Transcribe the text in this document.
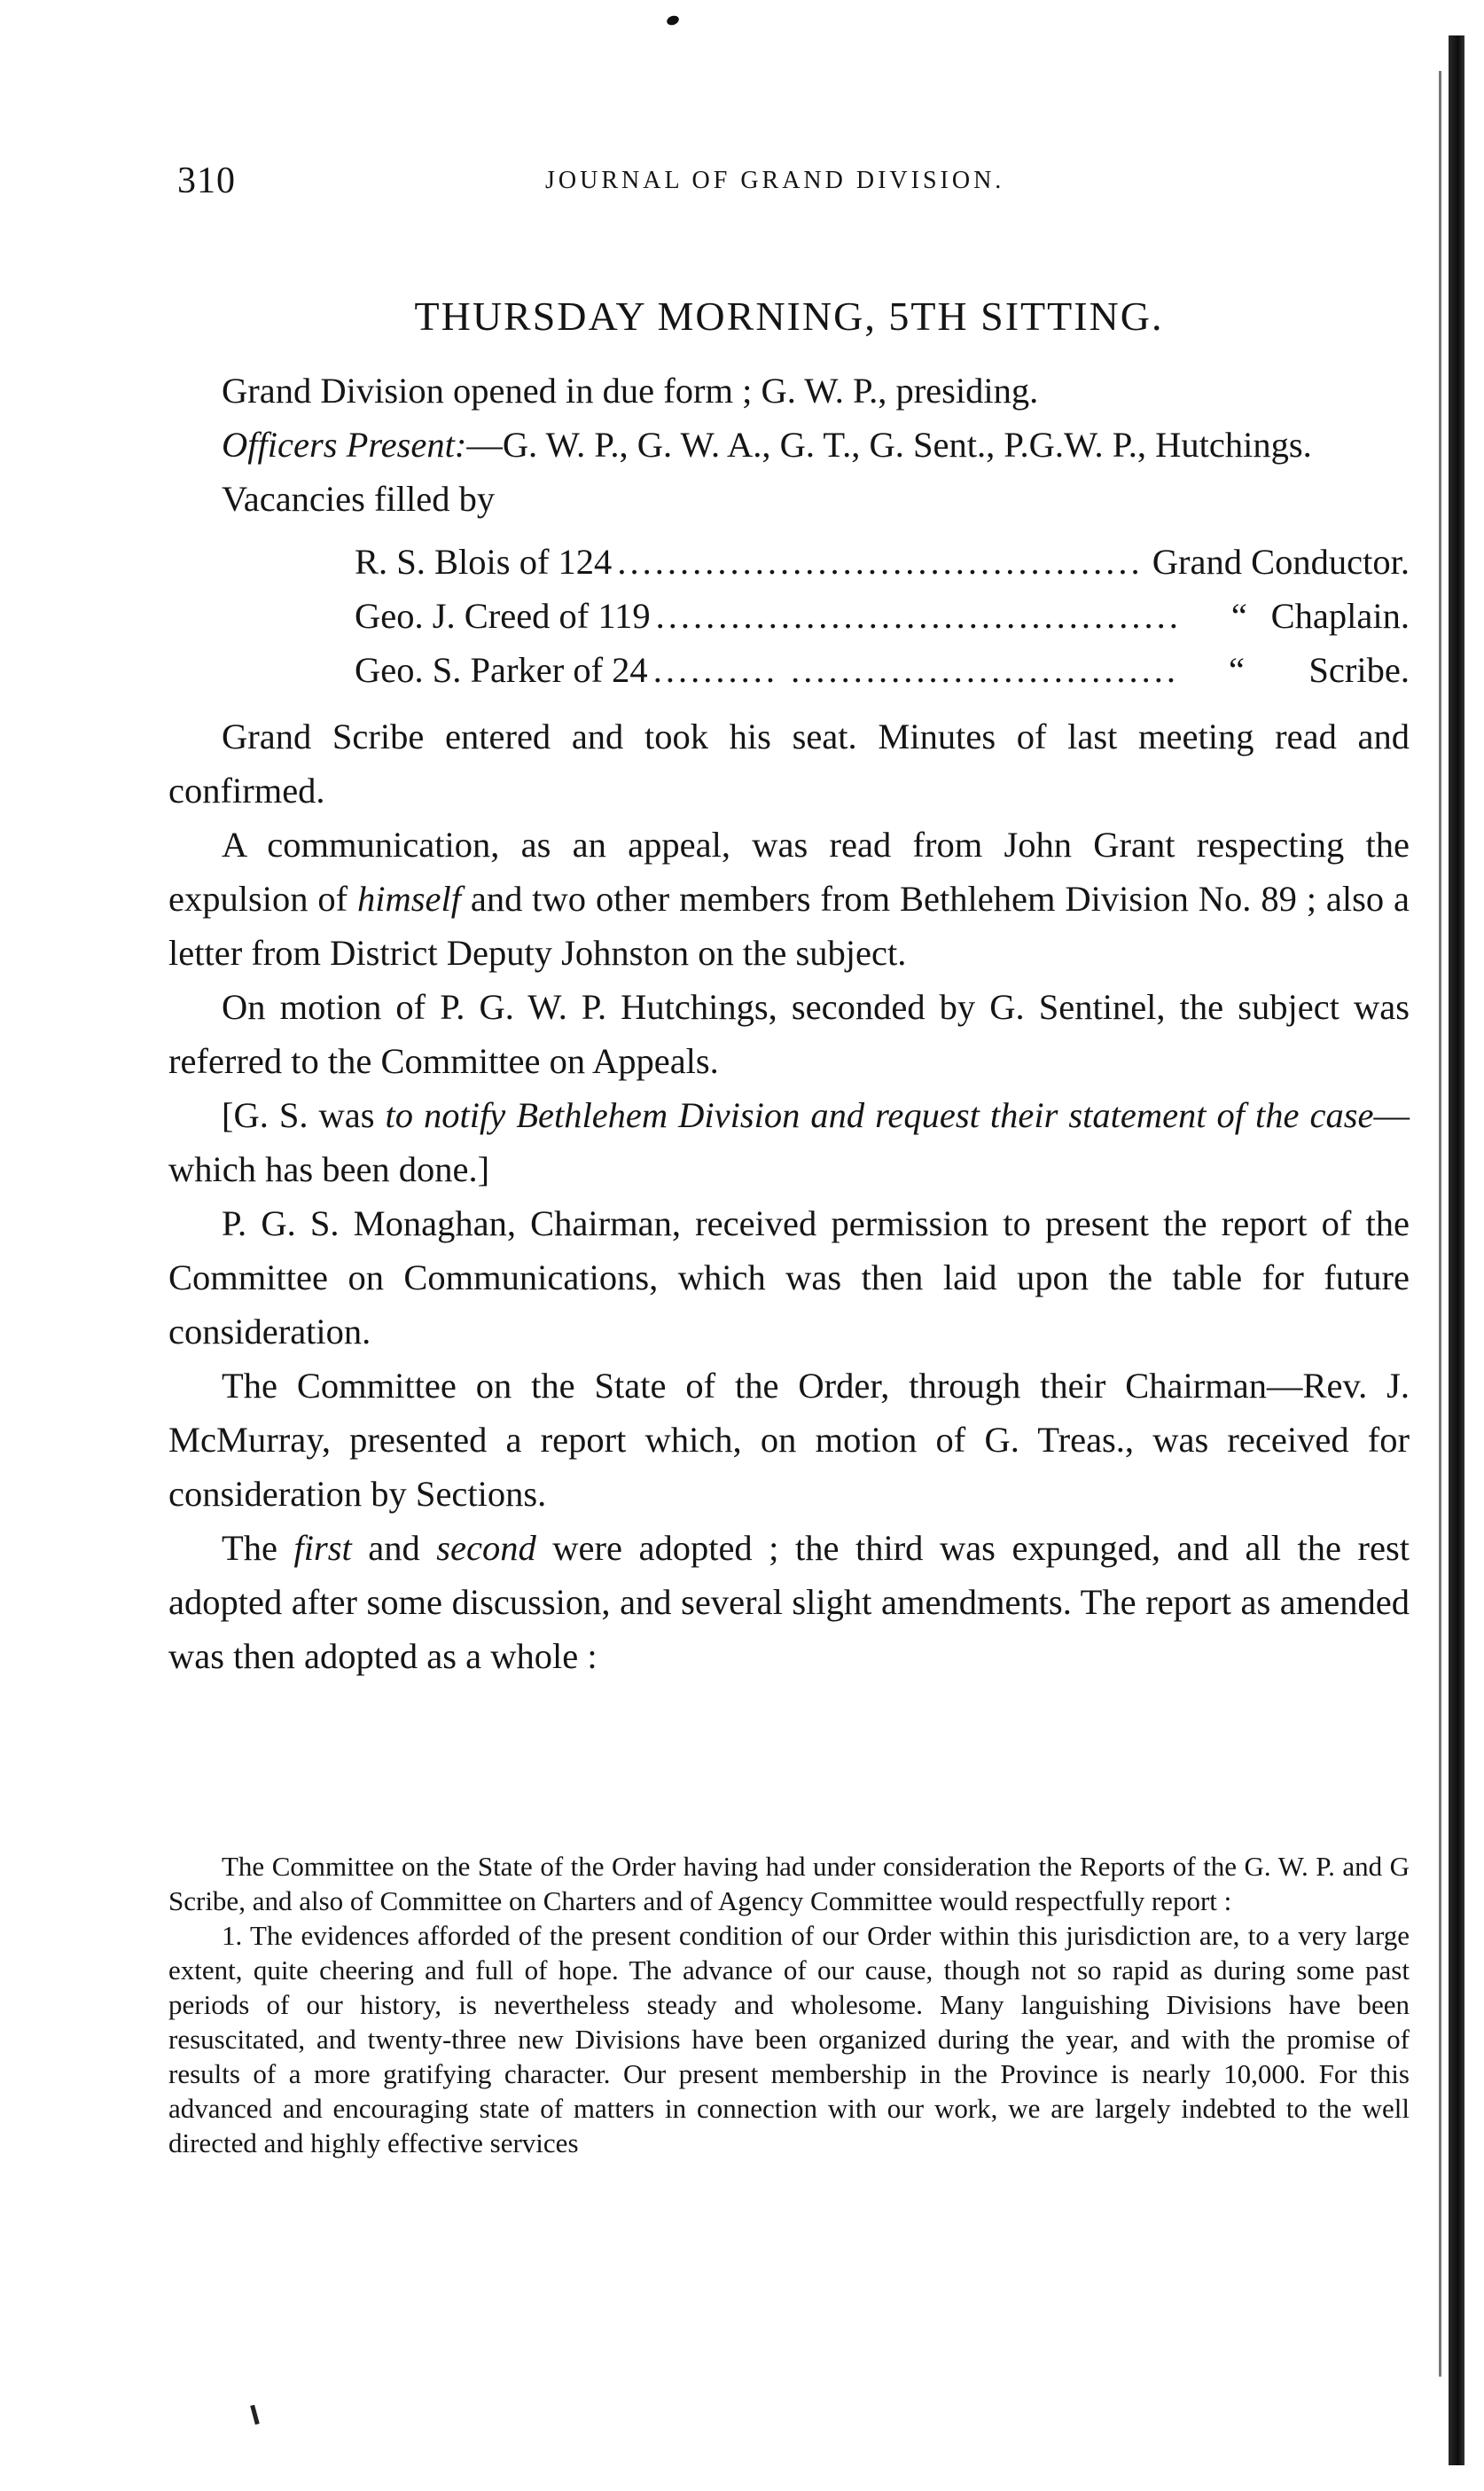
310	JOURNAL OF GRAND DIVISION.
THURSDAY MORNING, 5TH SITTING.

Grand Division opened in due form ; G. W. P., presiding.

Officers Present:—G. W. P., G. W. A., G. T., G. Sent., P.G.W. P., Hutchings.

Vacancies filled by

R. S. Blois of 124 .......................................... Grand Conductor.
Geo. J. Creed of 119 ..........................................	“ Chaplain.
Geo. S. Parker of 24 .......... ...............................	“ Scribe.

Grand Scribe entered and took his seat. Minutes of last meeting read and confirmed.

A communication, as an appeal, was read from John Grant respecting the expulsion of himself and two other members from Bethlehem Division No. 89 ; also a letter from District Deputy Johnston on the subject.

On motion of P. G. W. P. Hutchings, seconded by G. Sentinel, the subject was referred to the Committee on Appeals.

[G. S. was to notify Bethlehem Division and request their statement of the case—which has been done.]

P. G. S. Monaghan, Chairman, received permission to present the report of the Committee on Communications, which was then laid upon the table for future consideration.

The Committee on the State of the Order, through their Chairman—Rev. J. McMurray, presented a report which, on motion of G. Treas., was received for consideration by Sections.

The first and second were adopted ; the third was expunged, and all the rest adopted after some discussion, and several slight amendments. The report as amended was then adopted as a whole :

The Committee on the State of the Order having had under consideration the Reports of the G. W. P. and G Scribe, and also of Committee on Charters and of Agency Committee would respectfully report :

1. The evidences afforded of the present condition of our Order within this jurisdiction are, to a very large extent, quite cheering and full of hope. The advance of our cause, though not so rapid as during some past periods of our history, is nevertheless steady and wholesome. Many languishing Divisions have been resuscitated, and twenty-three new Divisions have been organized during the year, and with the promise of results of a more gratifying character. Our present membership in the Province is nearly 10,000. For this advanced and encouraging state of matters in connection with our work, we are largely indebted to the well directed and highly effective services
